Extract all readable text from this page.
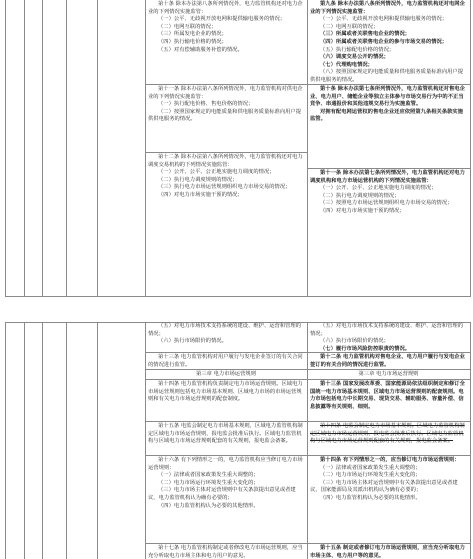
第十条 除本办法第八条所列情况外，电力监管机构还对电力企业的下列情况实施监管：

（一）公平、无歧视开放电网和提供输电服务的情况；

（二）电网互联的情况；

（三）所属发电企业的情况；

（四）执行输电价格的情况；

（五）对有偿辅助服务补偿的情况。

第九条 除本办法第八条所列情况外，电力监管机构还对电网企业的下列情况实施监管：

（一）公平、无歧视开放电网和提供输电服务的情况；

（二）电网互联的情况；

（三）所属或者关联售电企业的情况；

（四）所属或者关联售电企业的参与市场交易的情况；

（五）执行输配电价格的情况；

（六）调度交易公开的情况；

（七）代理购电情况；

（八）按照国家规定的电能质量和供电服务质量标准向用户提供供电服务的情况。

第十一条 除本办法第八条所列情况外，电力监管机构对供电企业的下列情况实施监管：

（一）执行配电价格、售电价格的情况；

（二）按照国家规定的电能质量和供电服务质量标准向用户提供供电服务的情况。

第十条 除本办法第七条所列情况外，电力监管机构还对售电企业、电力用户、储能企业等独立主体参与市场交易行为中的不正当竞争、串通报价和其他违规交易行为实施监管。

对拥有配电网运营权的售电企业还应依照第九条相关条款实施监管。

第十二条 除本办法第八条所列情况外，电力监管机构还对电力调度交易机构的下列情况实施监管：

（一）公开、公平、公正地实施电力调度的情况；

（二）执行电力调度规则的情况；

（三）执行电力市场运营规则组织电力市场交易的情况；

（四）对电力市场实施干预的情况；

第十一条 除本办法第七条所列情况外，电力监管机构还对电力调度机构和电力市场运营机构的下列情况实施监管：

（一）公开、公平、公正地实施电力调度的情况；

（二）执行电力调度规则的情况；

（三）按照电力市场运营规则组织电力市场交易的情况；

（四）对电力市场实施干预的情况；

（五）对电力市场技术支持系统的建设、维护、运营和管理的情况；

（六）执行市场限价的情况。

（五）对电力市场技术支持系统的建设、维护、运营和管理的情况；

（六）执行市场限价的情况；

（七）履行市场风险防控职责的情况。

第十三条 电力监管机构对用户履行与发电企业签订的有关合同的情况进行监管。

第十二条 电力监管机构对售电企业、电力用户履行与发电企业签订的有关合同的情况进行监管。

第三章 电力市场运营规则	第三章 电力市场运营规则

第十四条 电力监管机构负责制定电力市场运营规则。区域电力市场运营规则包括电力市场基本规则、区域电力市场的市场运营规则和有关电力市场运营规则的配套制度。

第十三条 国家发展改革委、国家能源局依法组织制定和修订全国统一电力市场基本规则、区域电力市场运营规则的配套规则。电力市场包括电力中长期交易、现货交易、辅助服务、容量补偿、信息披露等有关规则、细则。

第十五条 电监会制定电力市场基本规则，区域电力监管机构制定区域电力市场运营规则，报电监会批准后执行。区域电力监管机构与区域电力市场运营规则配套的有关规则，报电监会备案。

第十四条 电监会制定电力市场基本规则。区域电力监管机构制定区域电力市场运营规则，报电监会批准后执行。区域电力监管机构与区域电力市场运营规则配套的有关规则，报电监会备案。

第十六条 有下列情形之一的，电力监管机构应当修订电力市场运营规则：

（一）法律或者国家政策发生重大调整的；

（二）电力市场运行环境发生重大变化的；

（三）电力市场主体对运营规则中有关条款提出意见或者建议，电力监管机构认为确有必要的；

（四）电力监管机构认为必要的其他情形。

第十四条 有下列情形之一的，应当修订电力市场运营规则：

（一）法律或者国家政策发生重大调整的；

（二）电力市场运行环境发生重大变化的；

（三）电力市场主体对运营规则中有关条款提出意见或者建议，国家能源局及其派出机构认为确有必要的；

（四）电力监管机构认为必要的其他情形。

第十七条 电力监管机构制定或者修改电力市场运营规则，应当充分听取电力市场主体和电力用户的意见。

第十五条 制定或者修订电力市场运营规则，应当充分听取电力市场主体、电力用户等的意见。
